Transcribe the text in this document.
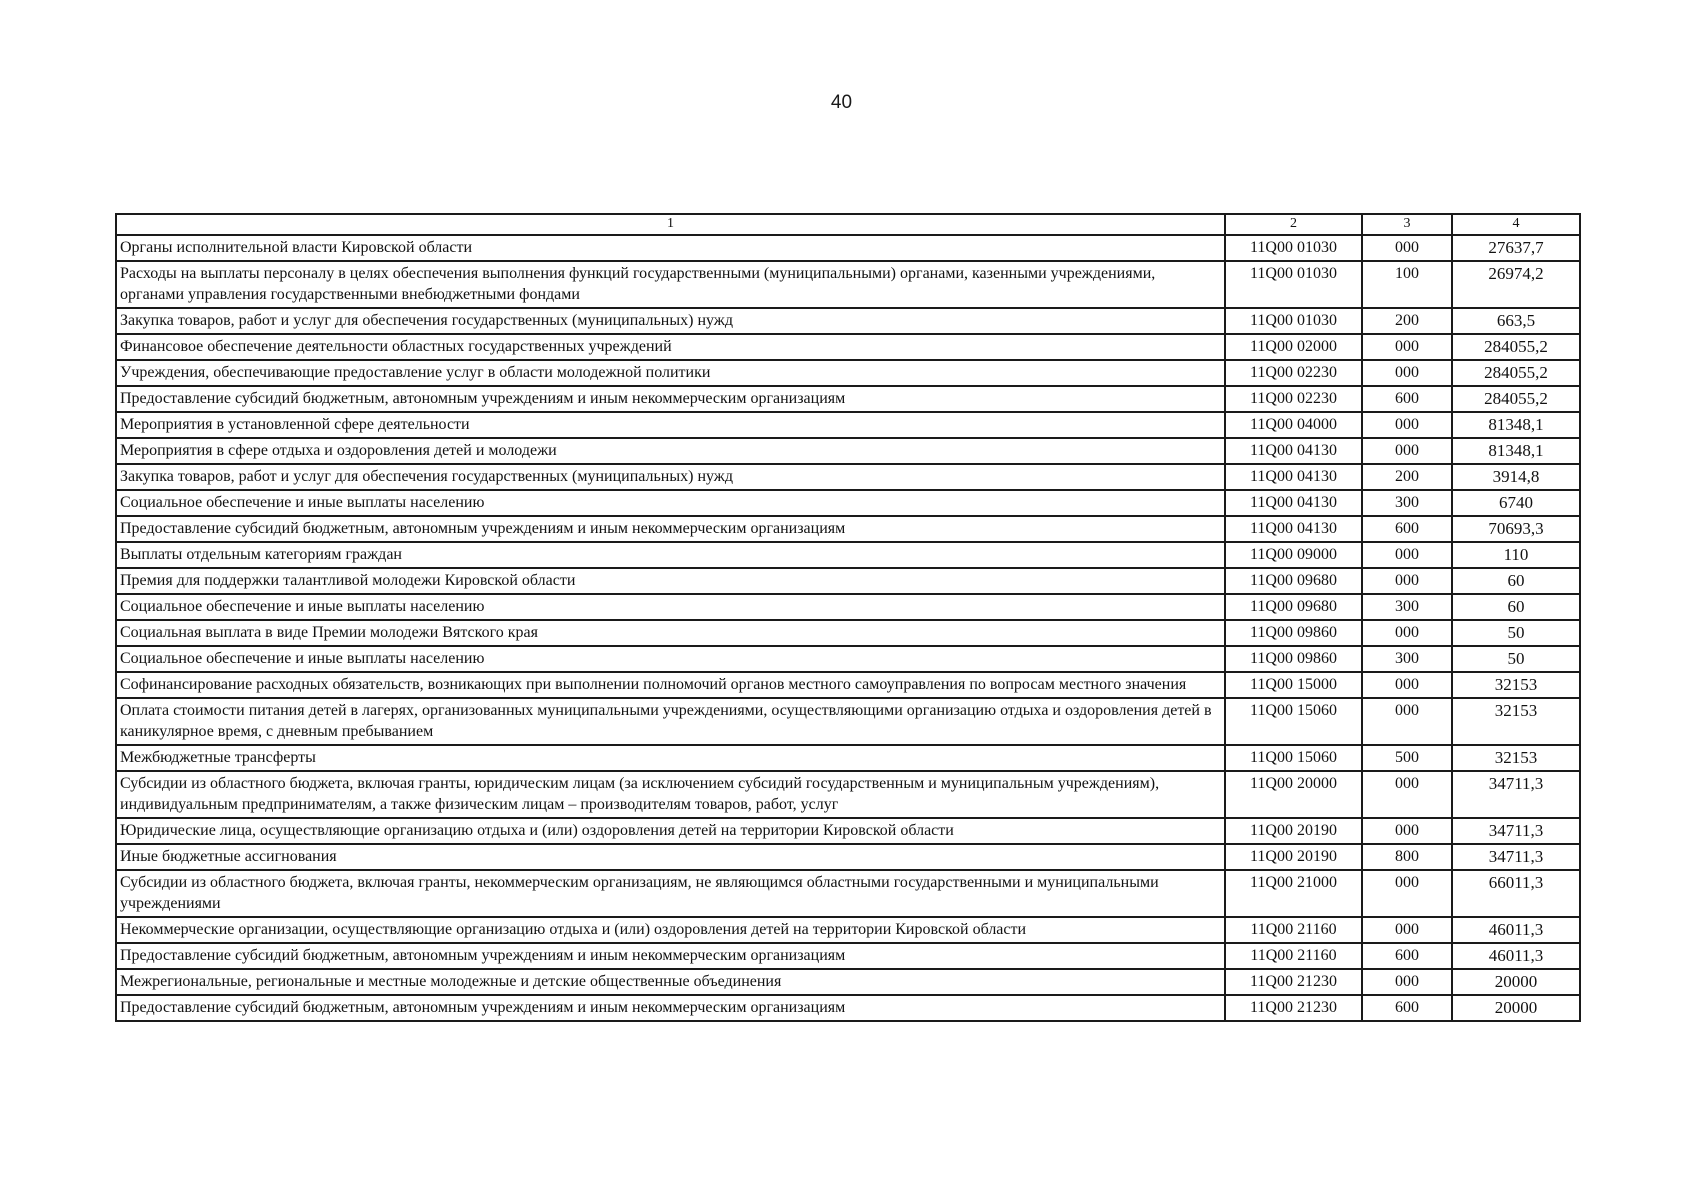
40
1	2	3	4
Органы исполнительной власти Кировской области	11Q00 01030	000	27637,7
Расходы на выплаты персоналу в целях обеспечения выполнения функций государственными (муниципальными) органами, казенными учреждениями, органами управления государственными внебюджетными фондами	11Q00 01030	100	26974,2
Закупка товаров, работ и услуг для обеспечения государственных (муниципальных) нужд	11Q00 01030	200	663,5
Финансовое обеспечение деятельности областных государственных учреждений	11Q00 02000	000	284055,2
Учреждения, обеспечивающие предоставление услуг в области молодежной политики	11Q00 02230	000	284055,2
Предоставление субсидий бюджетным, автономным учреждениям и иным некоммерческим организациям	11Q00 02230	600	284055,2
Мероприятия в установленной сфере деятельности	11Q00 04000	000	81348,1
Мероприятия в сфере отдыха и оздоровления детей и молодежи	11Q00 04130	000	81348,1
Закупка товаров, работ и услуг для обеспечения государственных (муниципальных) нужд	11Q00 04130	200	3914,8
Социальное обеспечение и иные выплаты населению	11Q00 04130	300	6740
Предоставление субсидий бюджетным, автономным учреждениям и иным некоммерческим организациям	11Q00 04130	600	70693,3
Выплаты отдельным категориям граждан	11Q00 09000	000	110
Премия для поддержки талантливой молодежи Кировской области	11Q00 09680	000	60
Социальное обеспечение и иные выплаты населению	11Q00 09680	300	60
Социальная выплата в виде Премии молодежи Вятского края	11Q00 09860	000	50
Социальное обеспечение и иные выплаты населению	11Q00 09860	300	50
Софинансирование расходных обязательств, возникающих при выполнении полномочий органов местного самоуправления по вопросам местного значения	11Q00 15000	000	32153
Оплата стоимости питания детей в лагерях, организованных муниципальными учреждениями, осуществляющими организацию отдыха и оздоровления детей в каникулярное время, с дневным пребыванием	11Q00 15060	000	32153
Межбюджетные трансферты	11Q00 15060	500	32153
Субсидии из областного бюджета, включая гранты, юридическим лицам (за исключением субсидий государственным и муниципальным учреждениям), индивидуальным предпринимателям, а также физическим лицам – производителям товаров, работ, услуг	11Q00 20000	000	34711,3
Юридические лица, осуществляющие организацию отдыха и (или) оздоровления детей на территории Кировской области	11Q00 20190	000	34711,3
Иные бюджетные ассигнования	11Q00 20190	800	34711,3
Субсидии из областного бюджета, включая гранты, некоммерческим организациям, не являющимся областными государственными и муниципальными учреждениями	11Q00 21000	000	66011,3
Некоммерческие организации, осуществляющие организацию отдыха и (или) оздоровления детей на территории Кировской области	11Q00 21160	000	46011,3
Предоставление субсидий бюджетным, автономным учреждениям и иным некоммерческим организациям	11Q00 21160	600	46011,3
Межрегиональные, региональные и местные молодежные и детские общественные объединения	11Q00 21230	000	20000
Предоставление субсидий бюджетным, автономным учреждениям и иным некоммерческим организациям	11Q00 21230	600	20000
